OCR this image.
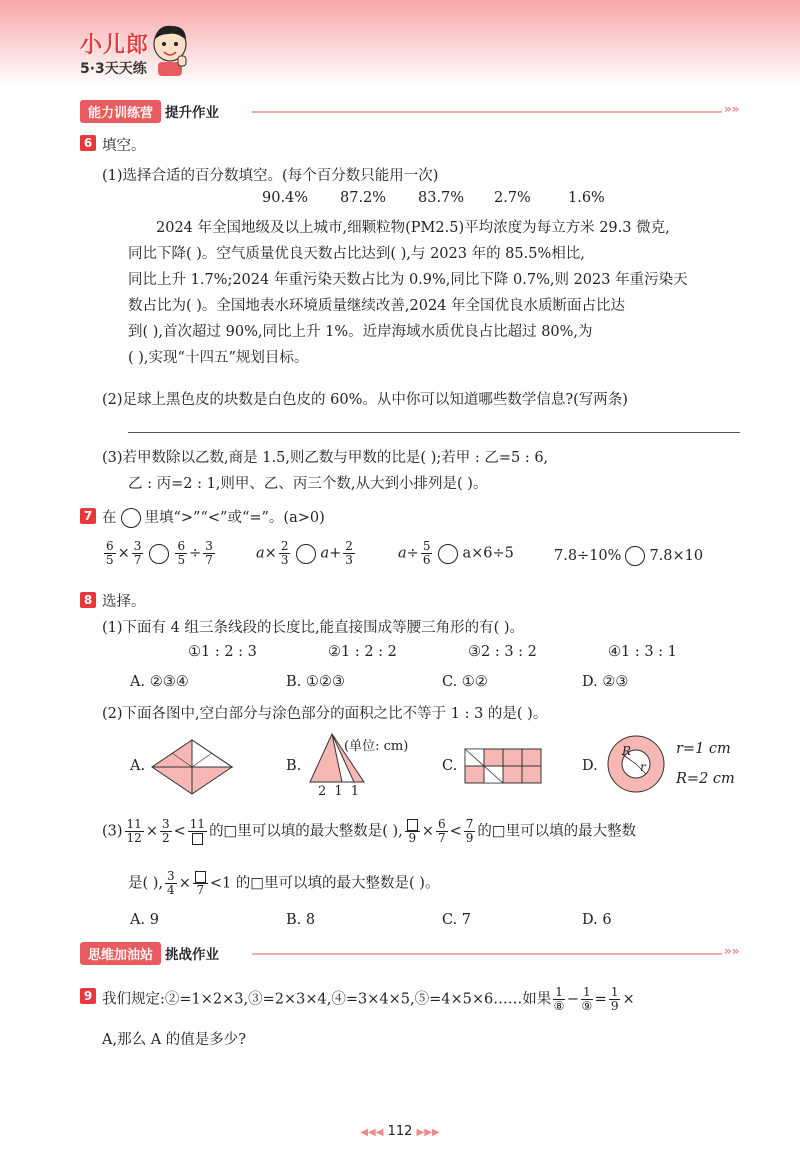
小儿郎
5·3天天练
能力训练营 提升作业	»»
6 填空。
(1)选择合适的百分数填空。(每个百分数只能用一次)
90.4% 87.2% 83.7% 2.7%	1.6%
2024 年全国地级及以上城市,细颗粒物(PM2.5)平均浓度为每立方米 29.3 微克,
同比下降( )。空气质量优良天数占比达到( ),与 2023 年的 85.5%相比,
同比上升 1.7%;2024 年重污染天数占比为 0.9%,同比下降 0.7%,则 2023 年重污染天
数占比为( )。全国地表水环境质量继续改善,2024 年全国优良水质断面占比达
到( ),首次超过 90%,同比上升 1%。近岸海域水质优良占比超过 80%,为
( ),实现“十四五”规划目标。
(2)足球上黑色皮的块数是白色皮的 60%。从中你可以知道哪些数学信息?(写两条)
(3)若甲数除以乙数,商是 1.5,则乙数与甲数的比是( );若甲 : 乙=5 : 6,
乙 : 丙=2 : 1,则甲、乙、丙三个数,从大到小排列是( )。
7 在 里填“>”“<”或“=”。(a>0)
$\frac{6}{5} \times \frac{3}{7}$	$\frac{6}{5} \div \frac{3}{7}$	$a\times \frac{2}{3} a+ \frac{2}{3}$	$a\div \frac{5}{6} a\times 6\div 5$	7.8÷10% 7.8×10
8 选择。
(1)下面有 4 组三条线段的长度比,能直接围成等腰三角形的有( )。
①1 : 2 : 3	②1 : 2 : 2	③2 : 3 : 2	④1 : 3 : 1
A. ②③④	B. ①②③	C. ①②	D. ②③
(2)下面各图中,空白部分与涂色部分的面积之比不等于 1 : 3 的是( )。
A.	B.
(单位: cm)
2 1 1
C.	D.
R
r
r=1 cm
R=2 cm
$(3) \frac{11}{12} \times \frac{3}{2} < 11$ 的□里可以填的最大整数是( ), $9 \times \frac{6}{7} < \frac{7}{9}$ 的□里可以填的最大整数
是( ), $\frac{3}{4} \times 7 <1$ 的□里可以填的最大整数是( )。
A. 9	B. 8	C. 7	D. 6
思维加油站 挑战作业	»»
9 我们规定:②=1×2×3,③=2×3×4,④=3×4×5,⑤=4×5×6……如果 $\frac{1}{\text{⑧}} - \frac{1}{\text{⑨}} = \frac{1}{9}$ ×
A,那么 A 的值是多少?
◀◀◀ 112 ▶▶▶
